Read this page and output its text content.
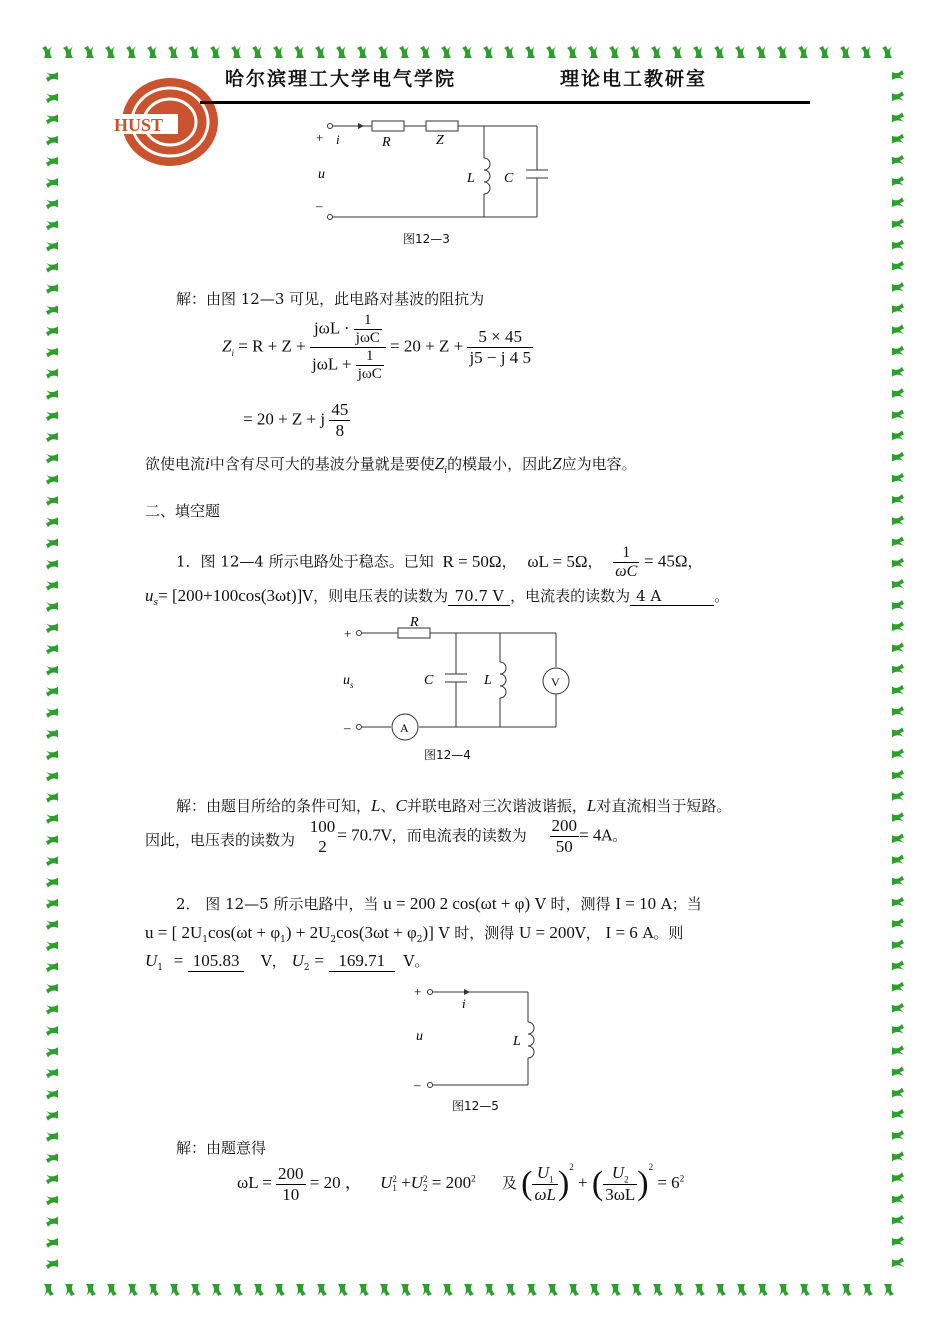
HUST
哈尔滨理工大学电气学院	理论电工教研室
+ i	R	Z
u	L C
–
图12—3
解：由图 12—3 可见，此电路对基波的阻抗为
$Z_i = R + Z + \frac{j\omega L \cdot \frac{1}{\text{jωC}}}{j\omega L + \frac{1}{\text{jωC}}} = 20 + Z + \frac{5 \times 45}{j5 - j 4 5}$
= 20 + Z + j $\frac{45}{8}$
欲使电流i中含有尽可大的基波分量就是要使$Z_i$的模最小，因此Z应为电容。
二、填空题
1．图 12—4 所示电路处于稳态。已知 R = 50Ω， ωL = 5Ω， $\frac{1}{\omega C} = 45\Omega$，
$u_s= [200+100\cos(3\omega t)]V$，则电压表的读数为 70.7 V ，电流表的读数为 4 A	。
+
R
$u_s$	C	L	V
A
–
图12—4
解：由题目所给的条件可知，L、C并联电路对三次谐波谐振，L对直流相当于短路。
因此，电压表的读数为
100
2
= 70.7V，而电流表的读数为 $\frac{200}{50} = 4A$。
2． 图 12—5 所示电路中，当 u = 200 2 cos(ωt + φ) V 时，测得 I = 10 A；当
u = [ $2U_1\cos(\omega t + \varphi_1) + 2U_2\cos(3\omega t + \varphi_2)$] V 时，测得 U = 200V， I = 6 A。则
$U_1 = 105.83$ V， $U_2 = 169.71$ V。
+
i
u	L
–
图12—5
解：由题意得
$\omega L = \frac{200}{10} = 20$ ， U 2
1 +U 2
$2 = 200^2$ 及 ( $\frac{U_1}{\omega L} )^2$ + ( $\frac{U_2}{3\omega L} )^2 = 6^2$
